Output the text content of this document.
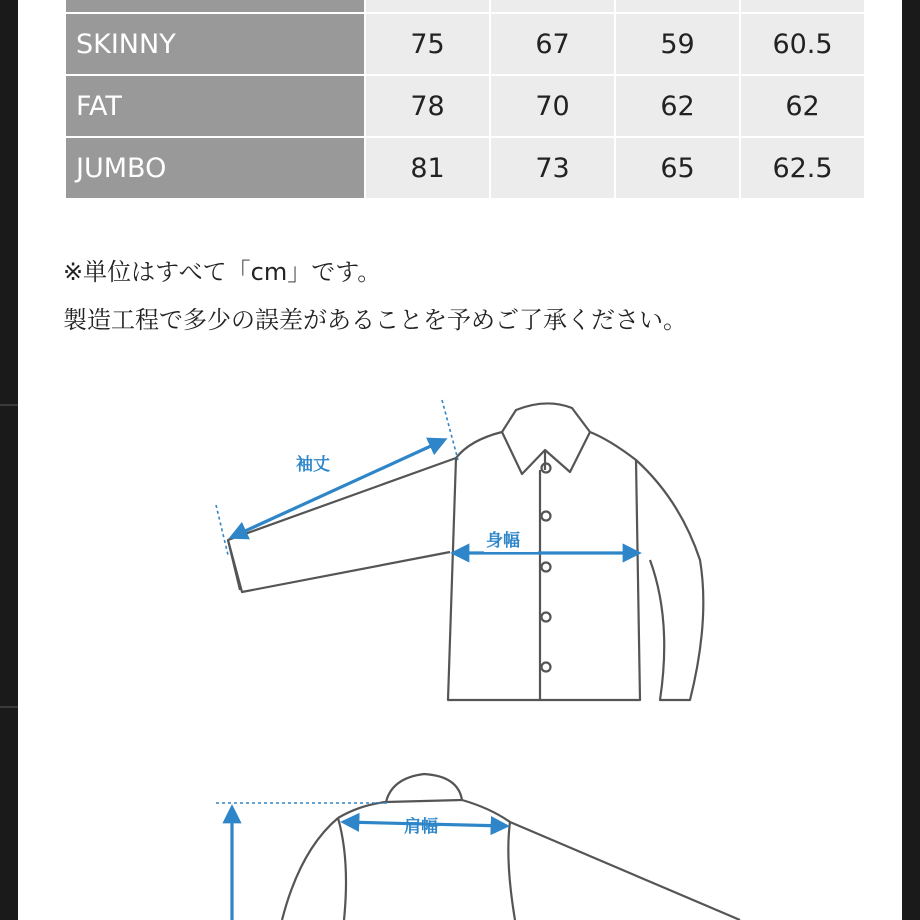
SKINNY	75	67	59	60.5
FAT	78	70	62	62
JUMBO	81	73	65	62.5
※単位はすべて「cm」です。
製造工程で多少の誤差があることを予めご了承ください。
袖丈
身幅
肩幅
